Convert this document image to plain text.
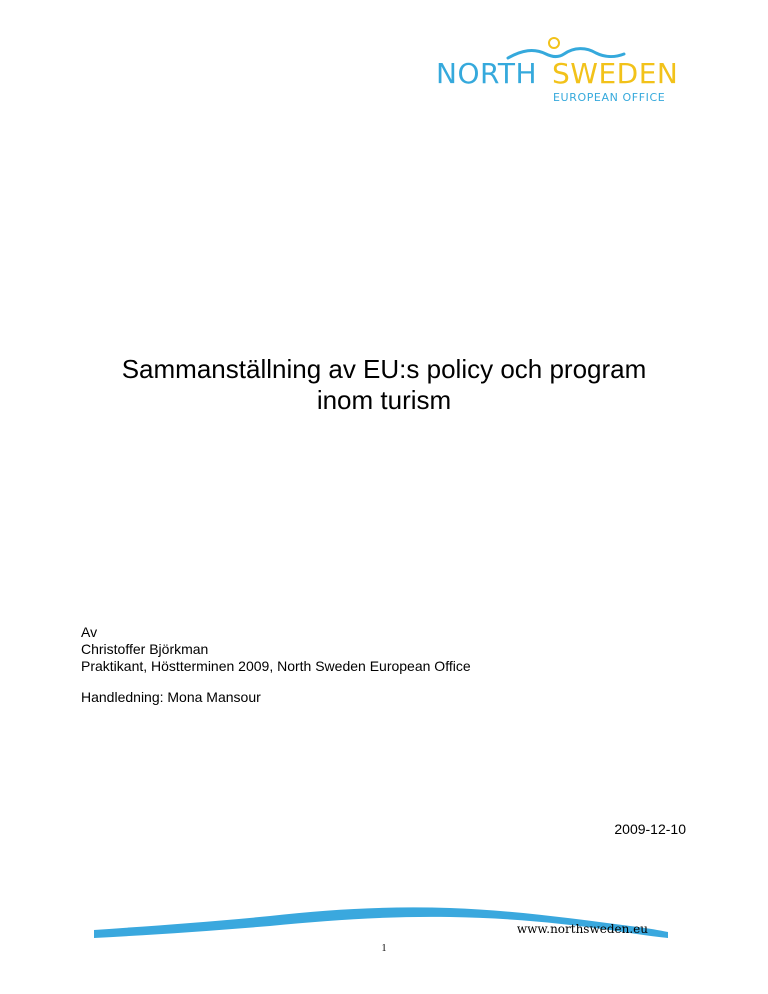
NORTH SWEDEN
EUROPEAN OFFICE
Sammanställning av EU:s policy och program
inom turism
Av
Christoffer Björkman
Praktikant, Höstterminen 2009, North Sweden European Office
Handledning: Mona Mansour
2009-12-10
www.northsweden.eu
1
